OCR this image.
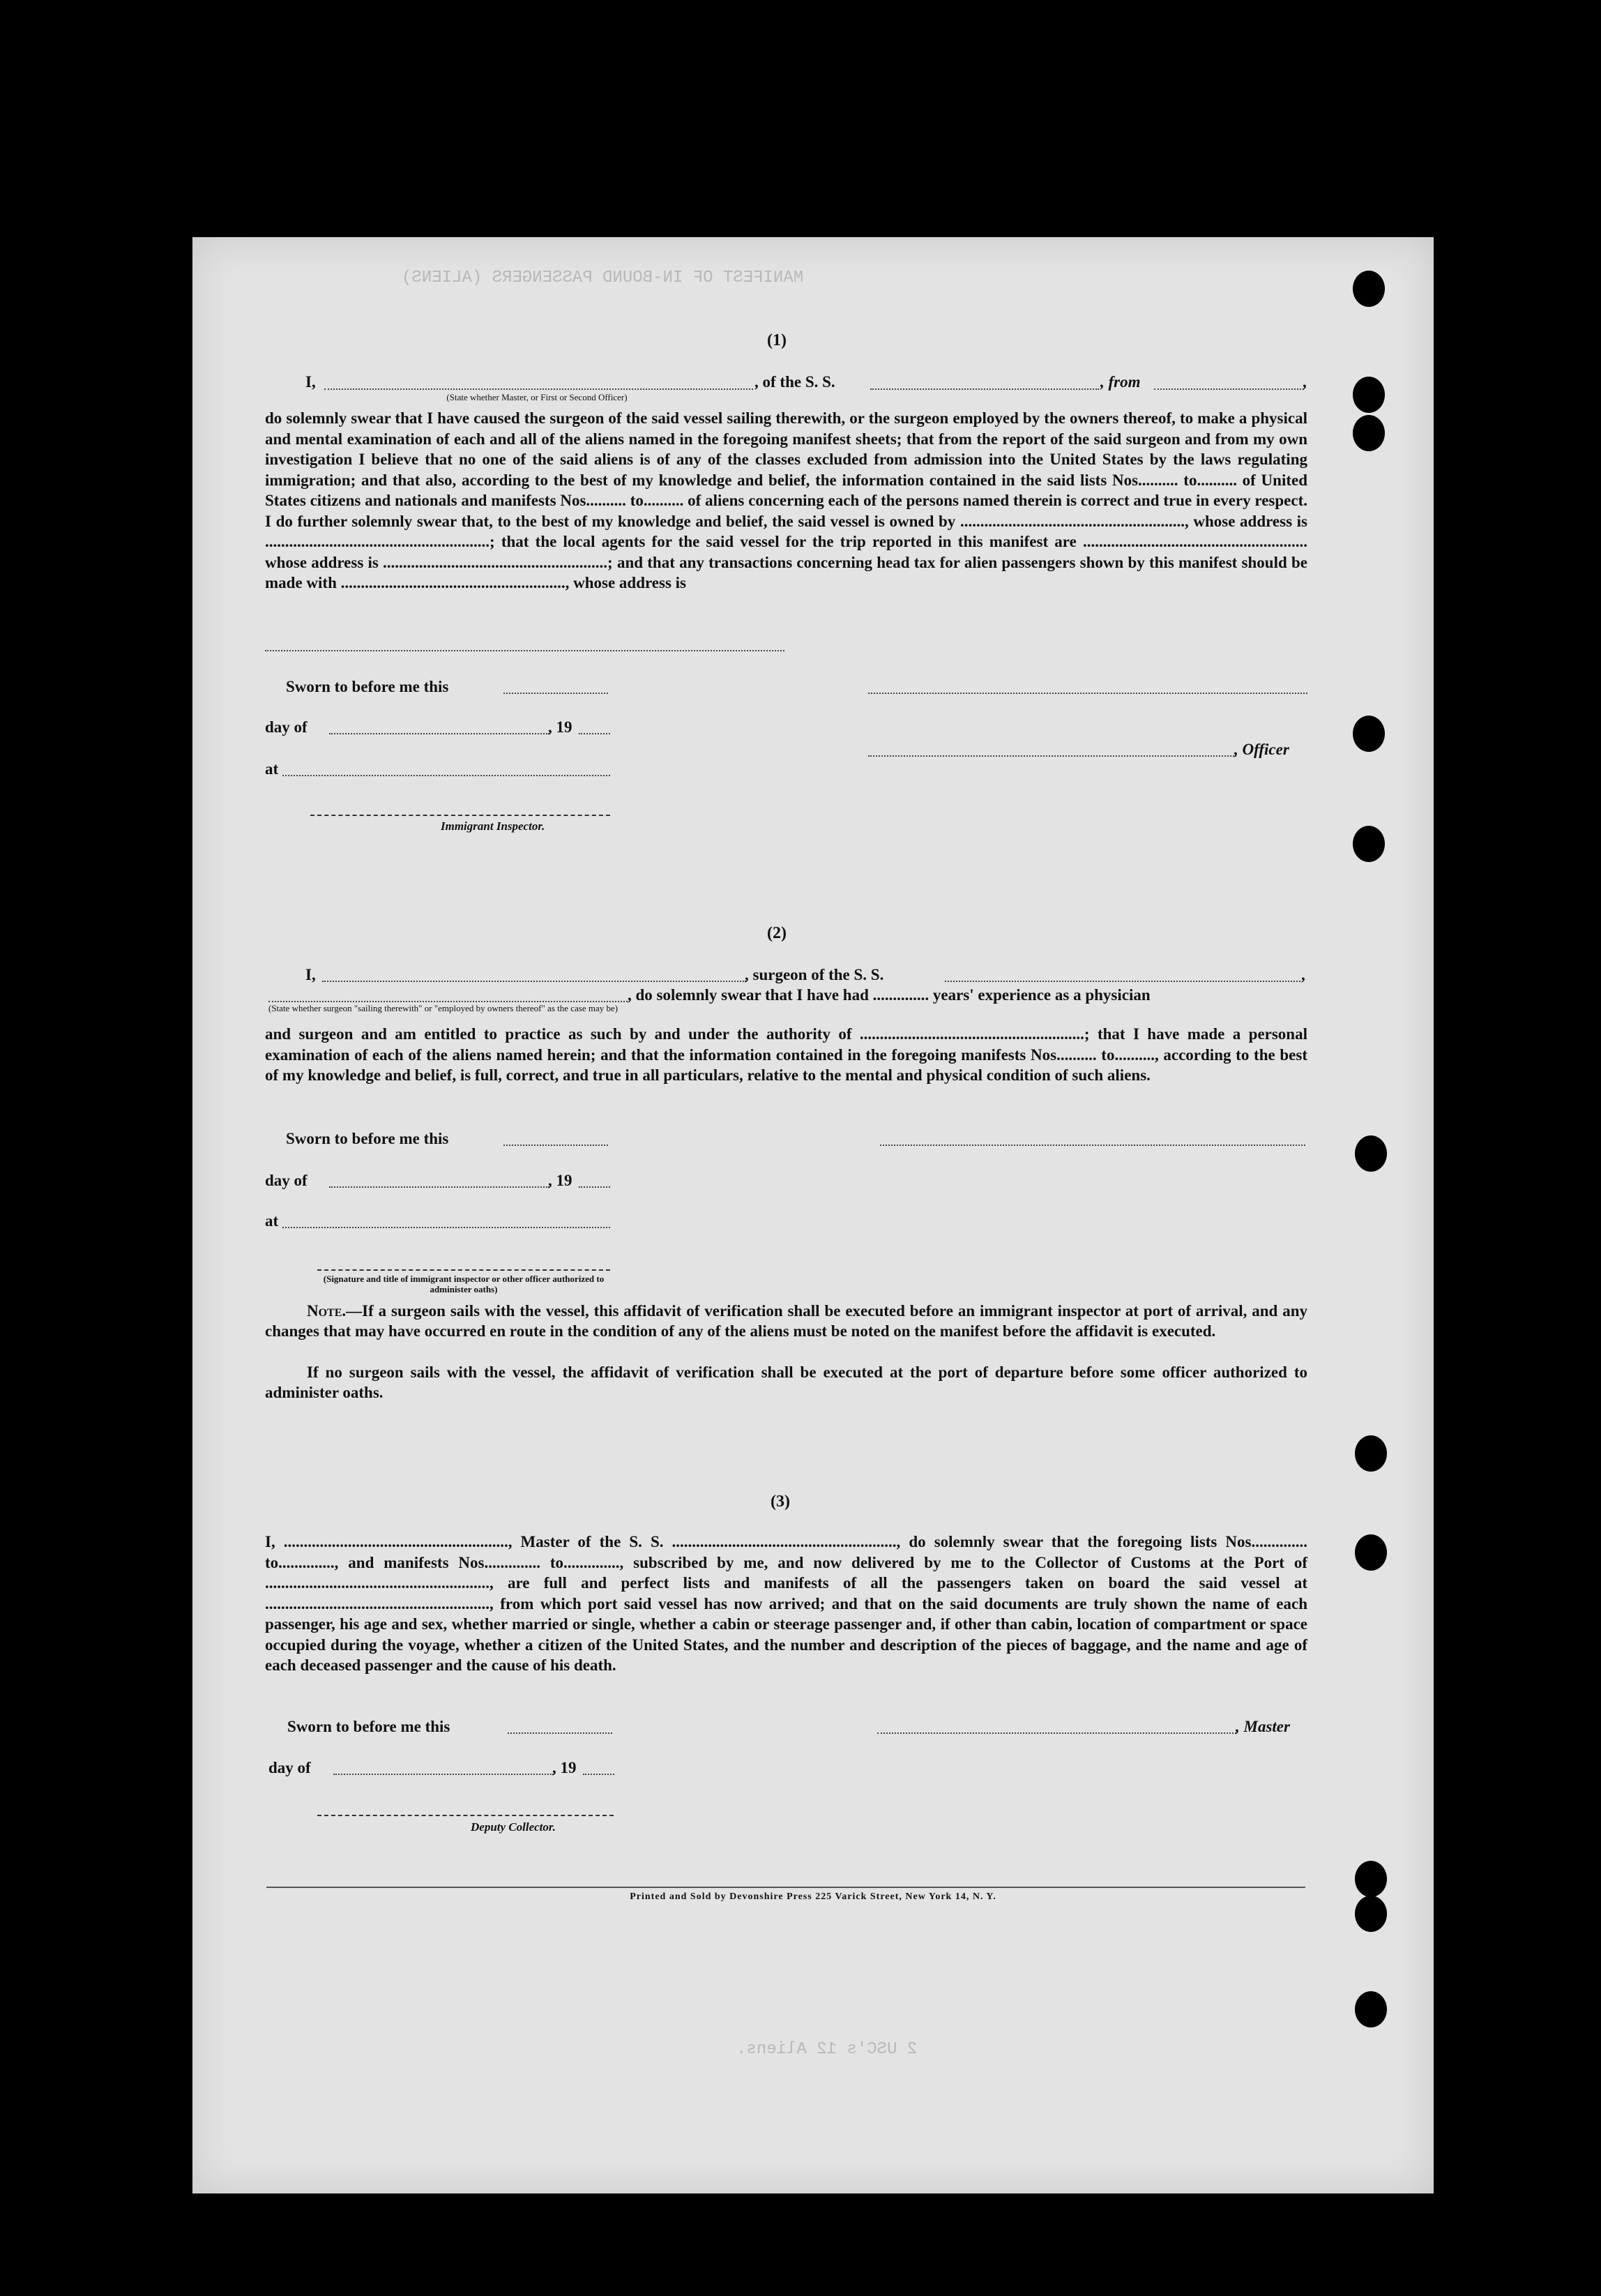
MANIFEST OF IN-BOUND PASSENGERS (ALIENS)
2 USC's 12 Aliens.
(1)
I,	, of the S. S.	, from	,
(State whether Master, or First or Second Officer)
do solemnly swear that I have caused the surgeon of the said vessel sailing therewith, or the surgeon employed by the owners thereof, to make a physical and mental examination of each and all of the aliens named in the foregoing manifest sheets; that from the report of the said surgeon and from my own investigation I believe that no one of the said aliens is of any of the classes excluded from admission into the United States by the laws regulating immigration; and that also, according to the best of my knowledge and belief, the information contained in the said lists Nos.......... to.......... of United States citizens and nationals and manifests Nos.......... to.......... of aliens concerning each of the persons named therein is correct and true in every respect. I do further solemnly swear that, to the best of my knowledge and belief, the said vessel is owned by ........................................................, whose address is ........................................................; that the local agents for the said vessel for the trip reported in this manifest are ........................................................ whose address is ........................................................; and that any transactions concerning head tax for alien passengers shown by this manifest should be made with ........................................................, whose address is
Sworn to before me this
day of	, 19
, Officer
at
Immigrant Inspector.
(2)
I,	, surgeon of the S. S.	,
, do solemnly swear that I have had .............. years' experience as a physician
(State whether surgeon "sailing therewith" or "employed by owners thereof" as the case may be)
and surgeon and am entitled to practice as such by and under the authority of ........................................................; that I have made a personal examination of each of the aliens named herein; and that the information contained in the foregoing manifests Nos.......... to.........., according to the best of my knowledge and belief, is full, correct, and true in all particulars, relative to the mental and physical condition of such aliens.
Sworn to before me this
day of	, 19
at
(Signature and title of immigrant inspector or other officer authorized to administer oaths)
Note.—If a surgeon sails with the vessel, this affidavit of verification shall be executed before an immigrant inspector at port of arrival, and any changes that may have occurred en route in the condition of any of the aliens must be noted on the manifest before the affidavit is executed.
If no surgeon sails with the vessel, the affidavit of verification shall be executed at the port of departure before some officer authorized to administer oaths.
(3)
I, ........................................................, Master of the S. S. ........................................................, do solemnly swear that the foregoing lists Nos.............. to.............., and manifests Nos.............. to.............., subscribed by me, and now delivered by me to the Collector of Customs at the Port of ........................................................, are full and perfect lists and manifests of all the passengers taken on board the said vessel at ........................................................, from which port said vessel has now arrived; and that on the said documents are truly shown the name of each passenger, his age and sex, whether married or single, whether a cabin or steerage passenger and, if other than cabin, location of compartment or space occupied during the voyage, whether a citizen of the United States, and the number and description of the pieces of baggage, and the name and age of each deceased passenger and the cause of his death.
Sworn to before me this	, Master
day of	, 19
Deputy Collector.
Printed and Sold by Devonshire Press 225 Varick Street, New York 14, N. Y.
